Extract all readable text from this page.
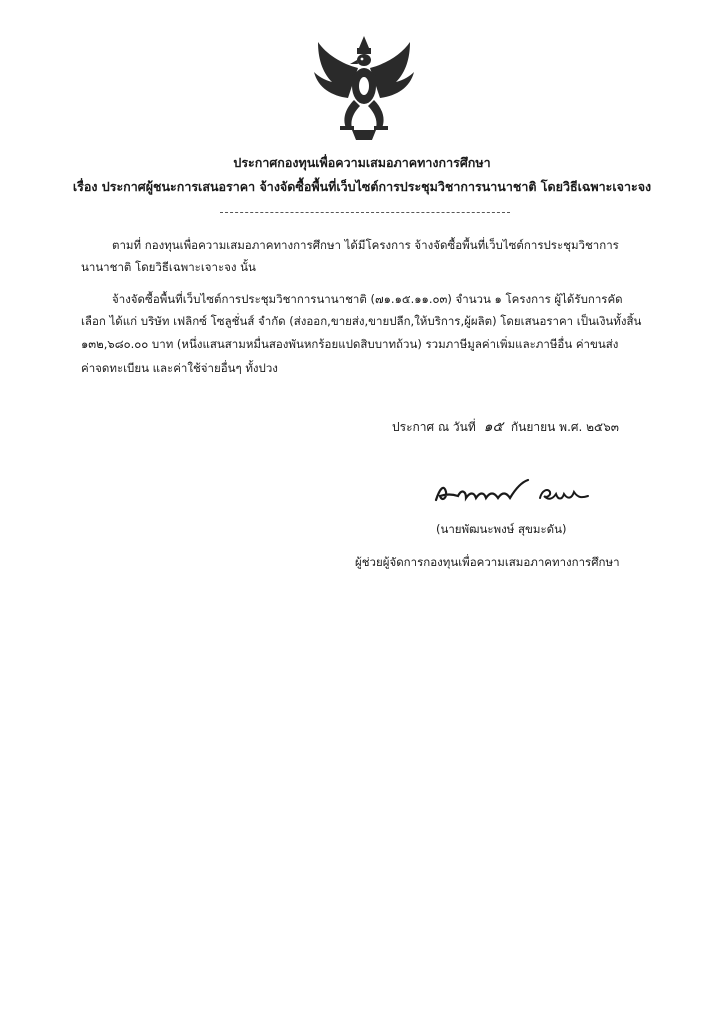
ประกาศกองทุนเพื่อความเสมอภาคทางการศึกษา
เรื่อง ประกาศผู้ชนะการเสนอราคา จ้างจัดซื้อพื้นที่เว็บไซต์การประชุมวิชาการนานาชาติ โดยวิธีเฉพาะเจาะจง
ตามที่ กองทุนเพื่อความเสมอภาคทางการศึกษา ได้มีโครงการ จ้างจัดซื้อพื้นที่เว็บไซต์การประชุมวิชาการ
นานาชาติ โดยวิธีเฉพาะเจาะจง นั้น
จ้างจัดซื้อพื้นที่เว็บไซต์การประชุมวิชาการนานาชาติ (๗๑.๑๕.๑๑.๐๓) จำนวน ๑ โครงการ ผู้ได้รับการคัด
เลือก ได้แก่ บริษัท เฟลิกซ์ โซลูชั่นส์ จำกัด (ส่งออก,ขายส่ง,ขายปลีก,ให้บริการ,ผู้ผลิต) โดยเสนอราคา เป็นเงินทั้งสิ้น
๑๓๒,๖๘๐.๐๐ บาท (หนึ่งแสนสามหมื่นสองพันหกร้อยแปดสิบบาทถ้วน) รวมภาษีมูลค่าเพิ่มและภาษีอื่น ค่าขนส่ง
ค่าจดทะเบียน และค่าใช้จ่ายอื่นๆ ทั้งปวง
ประกาศ ณ วันที่ ๑๕ กันยายน พ.ศ. ๒๕๖๓
(นายพัฒนะพงษ์ สุขมะดัน)
ผู้ช่วยผู้จัดการกองทุนเพื่อความเสมอภาคทางการศึกษา
